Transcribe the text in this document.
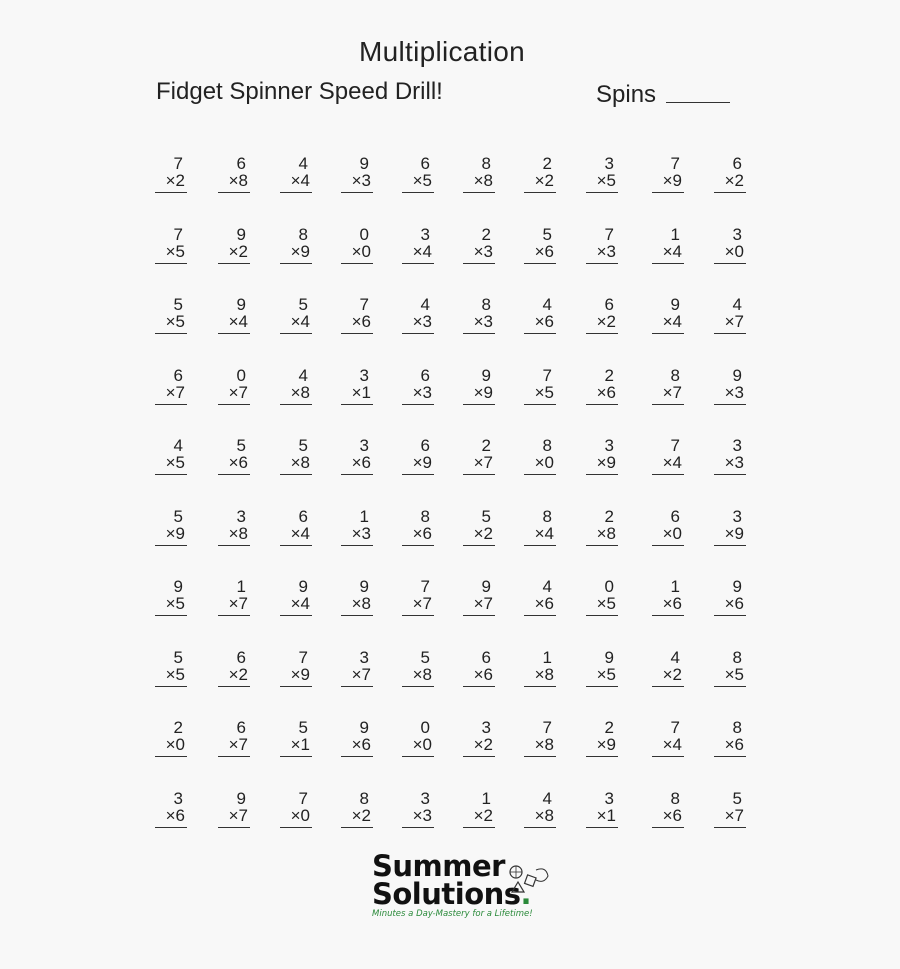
Multiplication
Fidget Spinner Speed Drill!	Spins
7
×2
6
×8
4
×4
9
×3
6
×5
8
×8
2
×2
3
×5
7
×9
6
×2
7
×5
9
×2
8
×9
0
×0
3
×4
2
×3
5
×6
7
×3
1
×4
3
×0
5
×5
9
×4
5
×4
7
×6
4
×3
8
×3
4
×6
6
×2
9
×4
4
×7
6
×7
0
×7
4
×8
3
×1
6
×3
9
×9
7
×5
2
×6
8
×7
9
×3
4
×5
5
×6
5
×8
3
×6
6
×9
2
×7
8
×0
3
×9
7
×4
3
×3
5
×9
3
×8
6
×4
1
×3
8
×6
5
×2
8
×4
2
×8
6
×0
3
×9
9
×5
1
×7
9
×4
9
×8
7
×7
9
×7
4
×6
0
×5
1
×6
9
×6
5
×5
6
×2
7
×9
3
×7
5
×8
6
×6
1
×8
9
×5
4
×2
8
×5
2
×0
6
×7
5
×1
9
×6
0
×0
3
×2
7
×8
2
×9
7
×4
8
×6
3
×6
9
×7
7
×0
8
×2
3
×3
1
×2
4
×8
3
×1
8
×6
5
×7
Summer
Solutions.
Minutes a Day-Mastery for a Lifetime!
